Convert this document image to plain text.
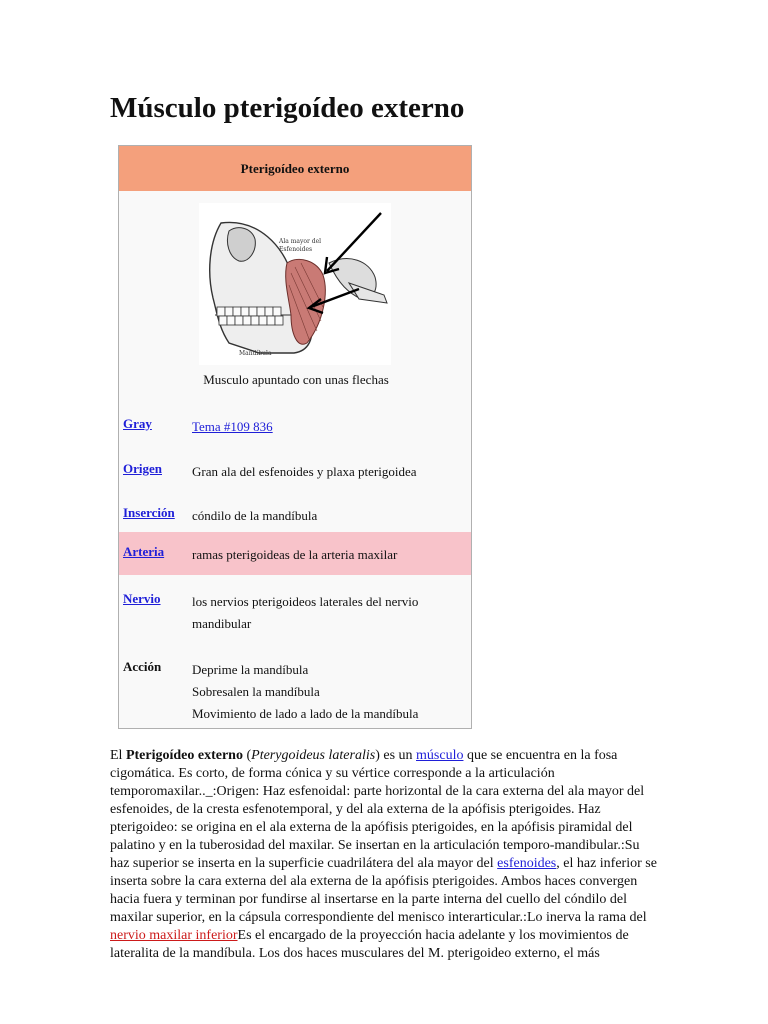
Músculo pterigoídeo externo
Pterigoídeo externo
Ala mayor del
Esfenoides
Mandíbula
Musculo apuntado con unas flechas
Gray	Tema #109 836
Origen Gran ala del esfenoides y plaxa pterigoidea
Inserción cóndilo de la mandíbula
Arteria ramas pterigoideas de la arteria maxilar
Nervio los nervios pterigoideos laterales del nervio mandibular
Acción Deprime la mandíbula
Sobresalen la mandíbula
Movimiento de lado a lado de la mandíbula

El Pterigoídeo externo (Pterygoideus lateralis) es un músculo que se encuentra en la fosa cigomática. Es corto, de forma cónica y su vértice corresponde a la articulación temporomaxilar.._:Origen: Haz esfenoidal: parte horizontal de la cara externa del ala mayor del esfenoides, de la cresta esfenotemporal, y del ala externa de la apófisis pterigoides. Haz pterigoideo: se origina en el ala externa de la apófisis pterigoides, en la apófisis piramidal del palatino y en la tuberosidad del maxilar. Se insertan en la articulación temporo-mandibular.:Su haz superior se inserta en la superficie cuadrilátera del ala mayor del esfenoides, el haz inferior se inserta sobre la cara externa del ala externa de la apófisis pterigoides. Ambos haces convergen hacia fuera y terminan por fundirse al insertarse en la parte interna del cuello del cóndilo del maxilar superior, en la cápsula correspondiente del menisco interarticular.:Lo inerva la rama del nervio maxilar inferiorEs el encargado de la proyección hacia adelante y los movimientos de lateralita de la mandíbula. Los dos haces musculares del M. pterigoideo externo, el más
